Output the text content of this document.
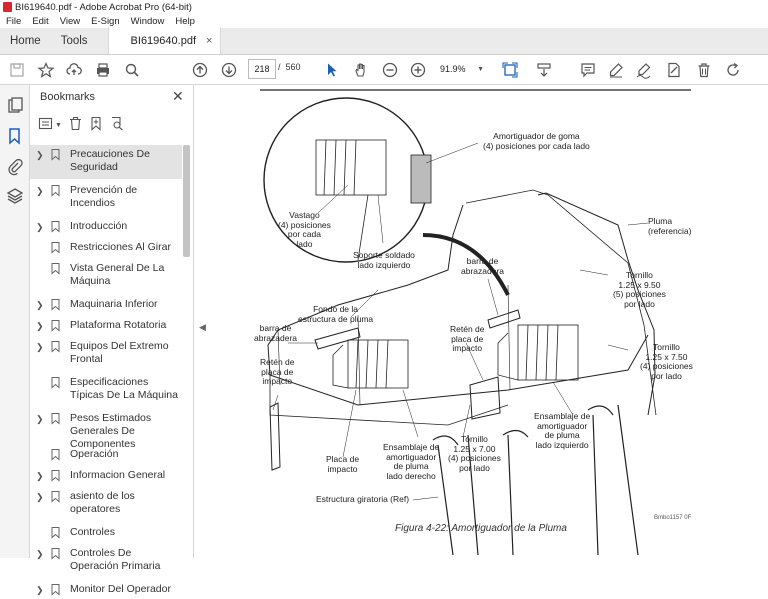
BI619640.pdf - Adobe Acrobat Pro (64-bit)
File Edit View E-Sign Window Help
Home	Tools	BI619640.pdf ×
218 / 560	91.9% ▼
Bookmarks	✕
▼
❯	Precauciones De Seguridad
❯	Prevención de Incendios
❯	Introducción
Restricciones Al Girar
Vista General De La Máquina
❯	Maquinaria Inferior
❯	Plataforma Rotatoria
❯	Equipos Del Extremo Frontal
Especificaciones Típicas De La Máquina
❯	Pesos Estimados Generales De Componentes
Operación
❯	Informacion General
❯	asiento de los operatores
Controles
❯	Controles De Operación Primaria
❯	Monitor Del Operador
◀
Amortiguador de goma
(4) posiciones por cada lado
Vastago
(4) posiciones
por cada
lado
Soporte soldado
lado izquierdo
Pluma
(referencia)
barra de
abrazadera	Tornillo
1.25 x 9.50
(5) posiciones
por lado
Fondo de la
estructura de pluma
barra de
abrazadera
Retén de
placa de
impacto	Tornillo
1.25 x 7.50
(4) posiciones
por lado
Retén de
placa de
impacto
Placa de
impacto
Ensamblaje de
amortiguador
de pluma
lado derecho
Tornillo
1.25 x 7.00
(4) posiciones
por lado
Ensamblaje de
amortiguador
de pluma
lado izquierdo
Estructura giratoria (Ref)
Bmbo1157 0F
Figura 4-22: Amortiguador de la Pluma
